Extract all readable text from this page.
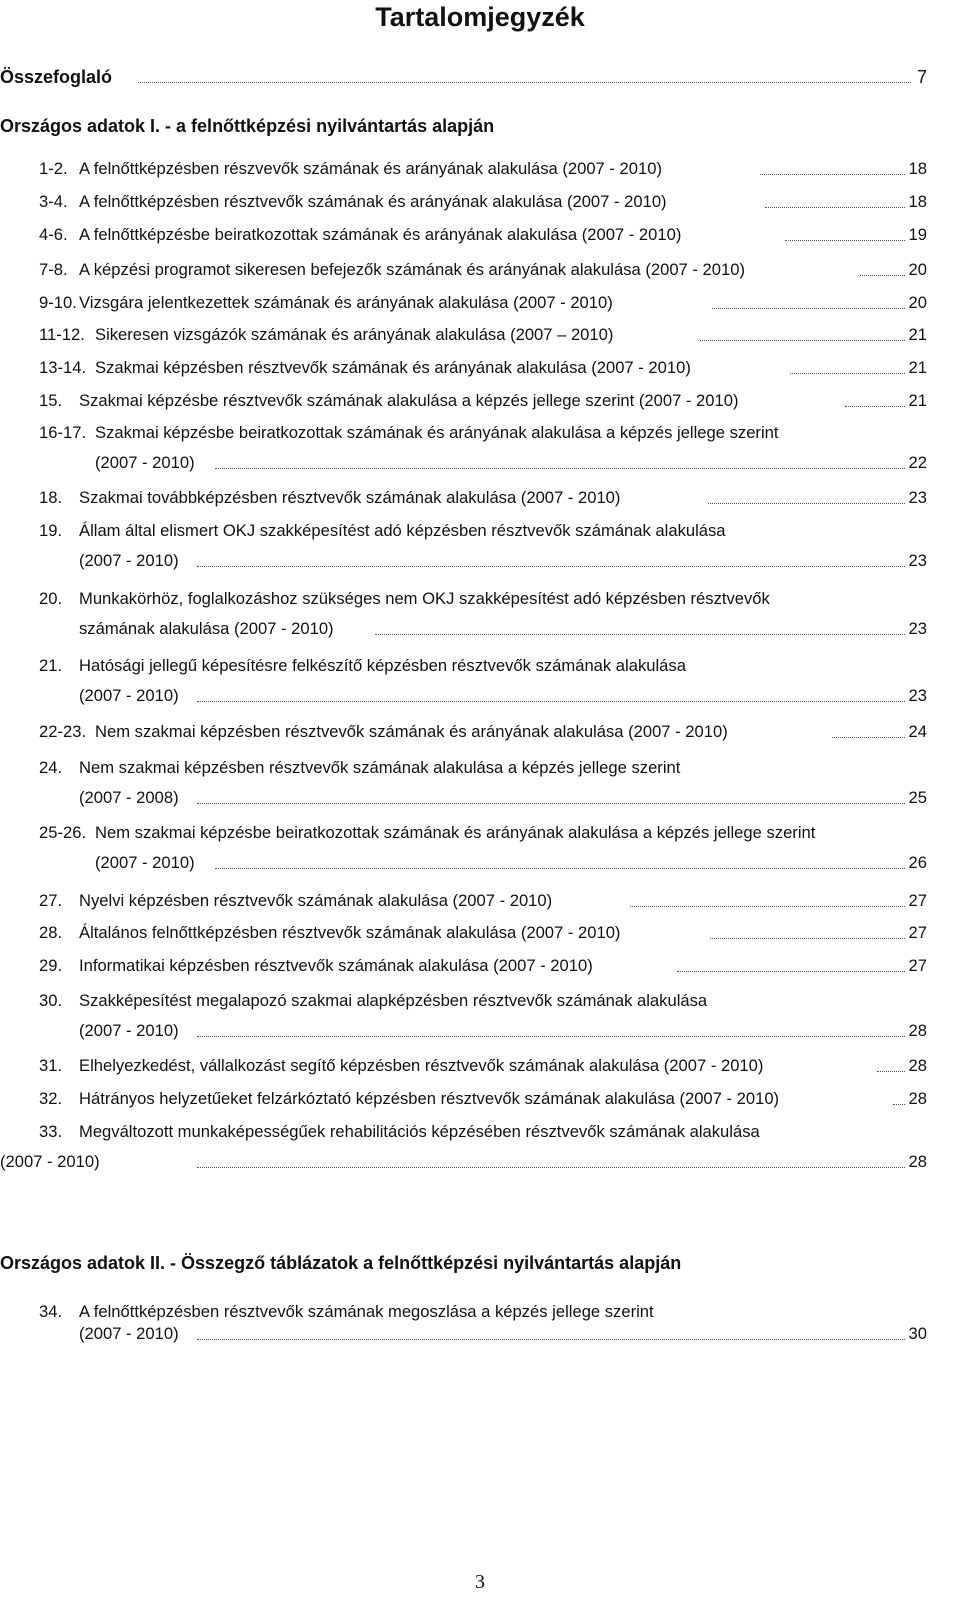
Tartalomjegyzék
Összefoglaló	7
Országos adatok I. - a felnőttképzési nyilvántartás alapján
1-2. A felnőttképzésben részvevők számának és arányának alakulása (2007 - 2010)	18
3-4. A felnőttképzésben résztvevők számának és arányának alakulása (2007 - 2010)	18
4-6. A felnőttképzésbe beiratkozottak számának és arányának alakulása (2007 - 2010)	19
7-8. A képzési programot sikeresen befejezők számának és arányának alakulása (2007 - 2010)	20
9-10. Vizsgára jelentkezettek számának és arányának alakulása (2007 - 2010)	20
11-12. Sikeresen vizsgázók számának és arányának alakulása (2007 – 2010)	21
13-14. Szakmai képzésben résztvevők számának és arányának alakulása (2007 - 2010)	21
15. Szakmai képzésbe résztvevők számának alakulása a képzés jellege szerint (2007 - 2010)	21
16-17. Szakmai képzésbe beiratkozottak számának és arányának alakulása a képzés jellege szerint
(2007 - 2010)	22
18. Szakmai továbbképzésben résztvevők számának alakulása (2007 - 2010)	23
19. Állam által elismert OKJ szakképesítést adó képzésben résztvevők számának alakulása
(2007 - 2010)	23
20. Munkakörhöz, foglalkozáshoz szükséges nem OKJ szakképesítést adó képzésben résztvevők
számának alakulása (2007 - 2010)	23
21. Hatósági jellegű képesítésre felkészítő képzésben résztvevők számának alakulása
(2007 - 2010)	23
22-23. Nem szakmai képzésben résztvevők számának és arányának alakulása (2007 - 2010)	24
24. Nem szakmai képzésben résztvevők számának alakulása a képzés jellege szerint
(2007 - 2008)	25
25-26. Nem szakmai képzésbe beiratkozottak számának és arányának alakulása a képzés jellege szerint
(2007 - 2010)	26
27. Nyelvi képzésben résztvevők számának alakulása (2007 - 2010)	27
28. Általános felnőttképzésben résztvevők számának alakulása (2007 - 2010)	27
29. Informatikai képzésben résztvevők számának alakulása (2007 - 2010)	27
30. Szakképesítést megalapozó szakmai alapképzésben résztvevők számának alakulása
(2007 - 2010)	28
31. Elhelyezkedést, vállalkozást segítő képzésben résztvevők számának alakulása (2007 - 2010)	28
32. Hátrányos helyzetűeket felzárkóztató képzésben résztvevők számának alakulása (2007 - 2010)	28
33. Megváltozott munkaképességűek rehabilitációs képzésében résztvevők számának alakulása
(2007 - 2010)	28
Országos adatok II. - Összegző táblázatok a felnőttképzési nyilvántartás alapján
34. A felnőttképzésben résztvevők számának megoszlása a képzés jellege szerint
(2007 - 2010)	30
3
